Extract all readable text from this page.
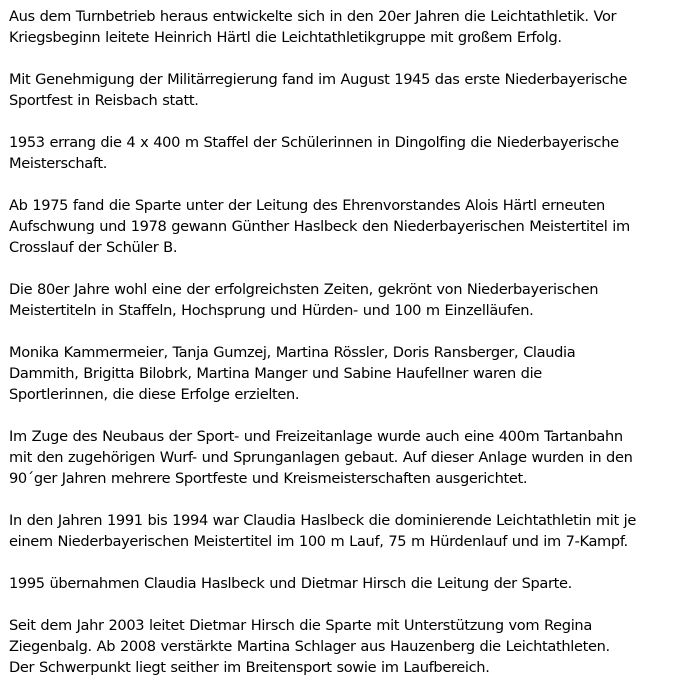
Aus dem Turnbetrieb heraus entwickelte sich in den 20er Jahren die Leichtathletik. Vor
Kriegsbeginn leitete Heinrich Härtl die Leichtathletikgruppe mit großem Erfolg.

Mit Genehmigung der Militärregierung fand im August 1945 das erste Niederbayerische
Sportfest in Reisbach statt.

1953 errang die 4 x 400 m Staffel der Schülerinnen in Dingolfing die Niederbayerische
Meisterschaft.

Ab 1975 fand die Sparte unter der Leitung des Ehrenvorstandes Alois Härtl erneuten
Aufschwung und 1978 gewann Günther Haslbeck den Niederbayerischen Meistertitel im
Crosslauf der Schüler B.

Die 80er Jahre wohl eine der erfolgreichsten Zeiten, gekrönt von Niederbayerischen
Meistertiteln in Staffeln, Hochsprung und Hürden- und 100 m Einzelläufen.

Monika Kammermeier, Tanja Gumzej, Martina Rössler, Doris Ransberger, Claudia
Dammith, Brigitta Bilobrk, Martina Manger und Sabine Haufellner waren die
Sportlerinnen, die diese Erfolge erzielten.

Im Zuge des Neubaus der Sport- und Freizeitanlage wurde auch eine 400m Tartanbahn
mit den zugehörigen Wurf- und Sprunganlagen gebaut. Auf dieser Anlage wurden in den
90´ger Jahren mehrere Sportfeste und Kreismeisterschaften ausgerichtet.

In den Jahren 1991 bis 1994 war Claudia Haslbeck die dominierende Leichtathletin mit je
einem Niederbayerischen Meistertitel im 100 m Lauf, 75 m Hürdenlauf und im 7-Kampf.

1995 übernahmen Claudia Haslbeck und Dietmar Hirsch die Leitung der Sparte.

Seit dem Jahr 2003 leitet Dietmar Hirsch die Sparte mit Unterstützung vom Regina
Ziegenbalg. Ab 2008 verstärkte Martina Schlager aus Hauzenberg die Leichtathleten.
Der Schwerpunkt liegt seither im Breitensport sowie im Laufbereich.
